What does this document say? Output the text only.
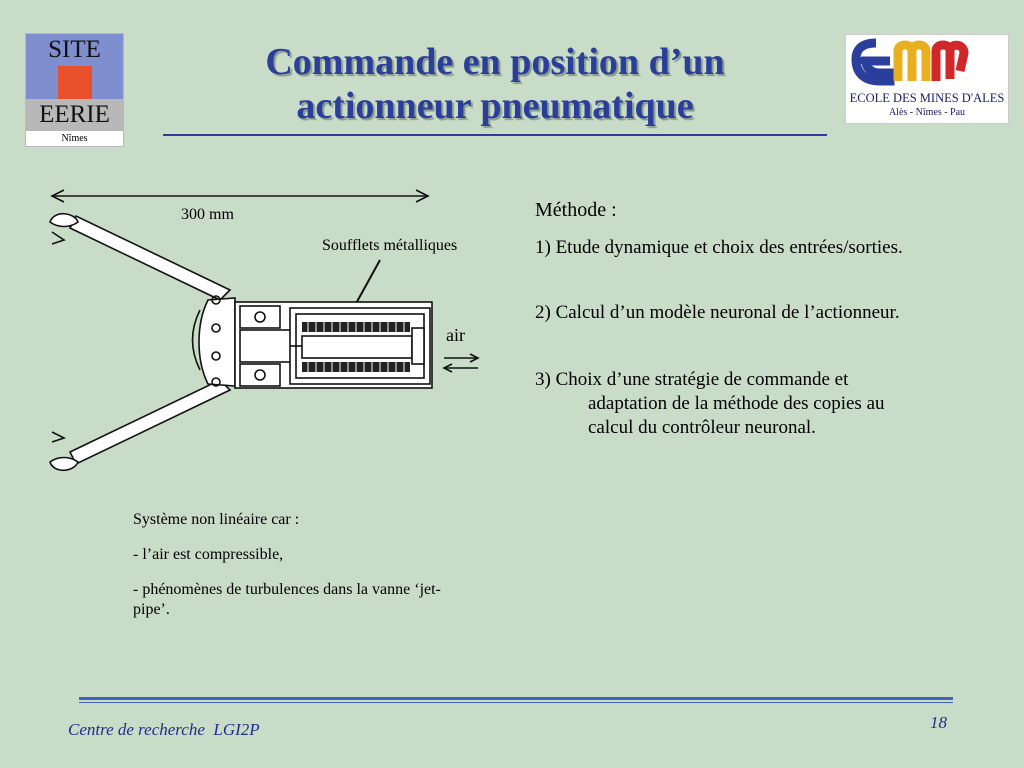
SITE
EERIE
Nîmes
ECOLE DES MINES D'ALES
Alès - Nîmes - Pau
Commande en position d’un
actionneur pneumatique
300 mm
Soufflets métalliques
air
Méthode :
1) Etude dynamique et choix des entrées/sorties.
2) Calcul d’un modèle neuronal de l’actionneur.
3) Choix d’une stratégie de commande et
adaptation de la méthode des copies au
calcul du contrôleur neuronal.
Système non linéaire car :
- l’air est compressible,
- phénomènes de turbulences dans la vanne ‘jet-pipe’.
Centre de recherche  LGI2P	18
